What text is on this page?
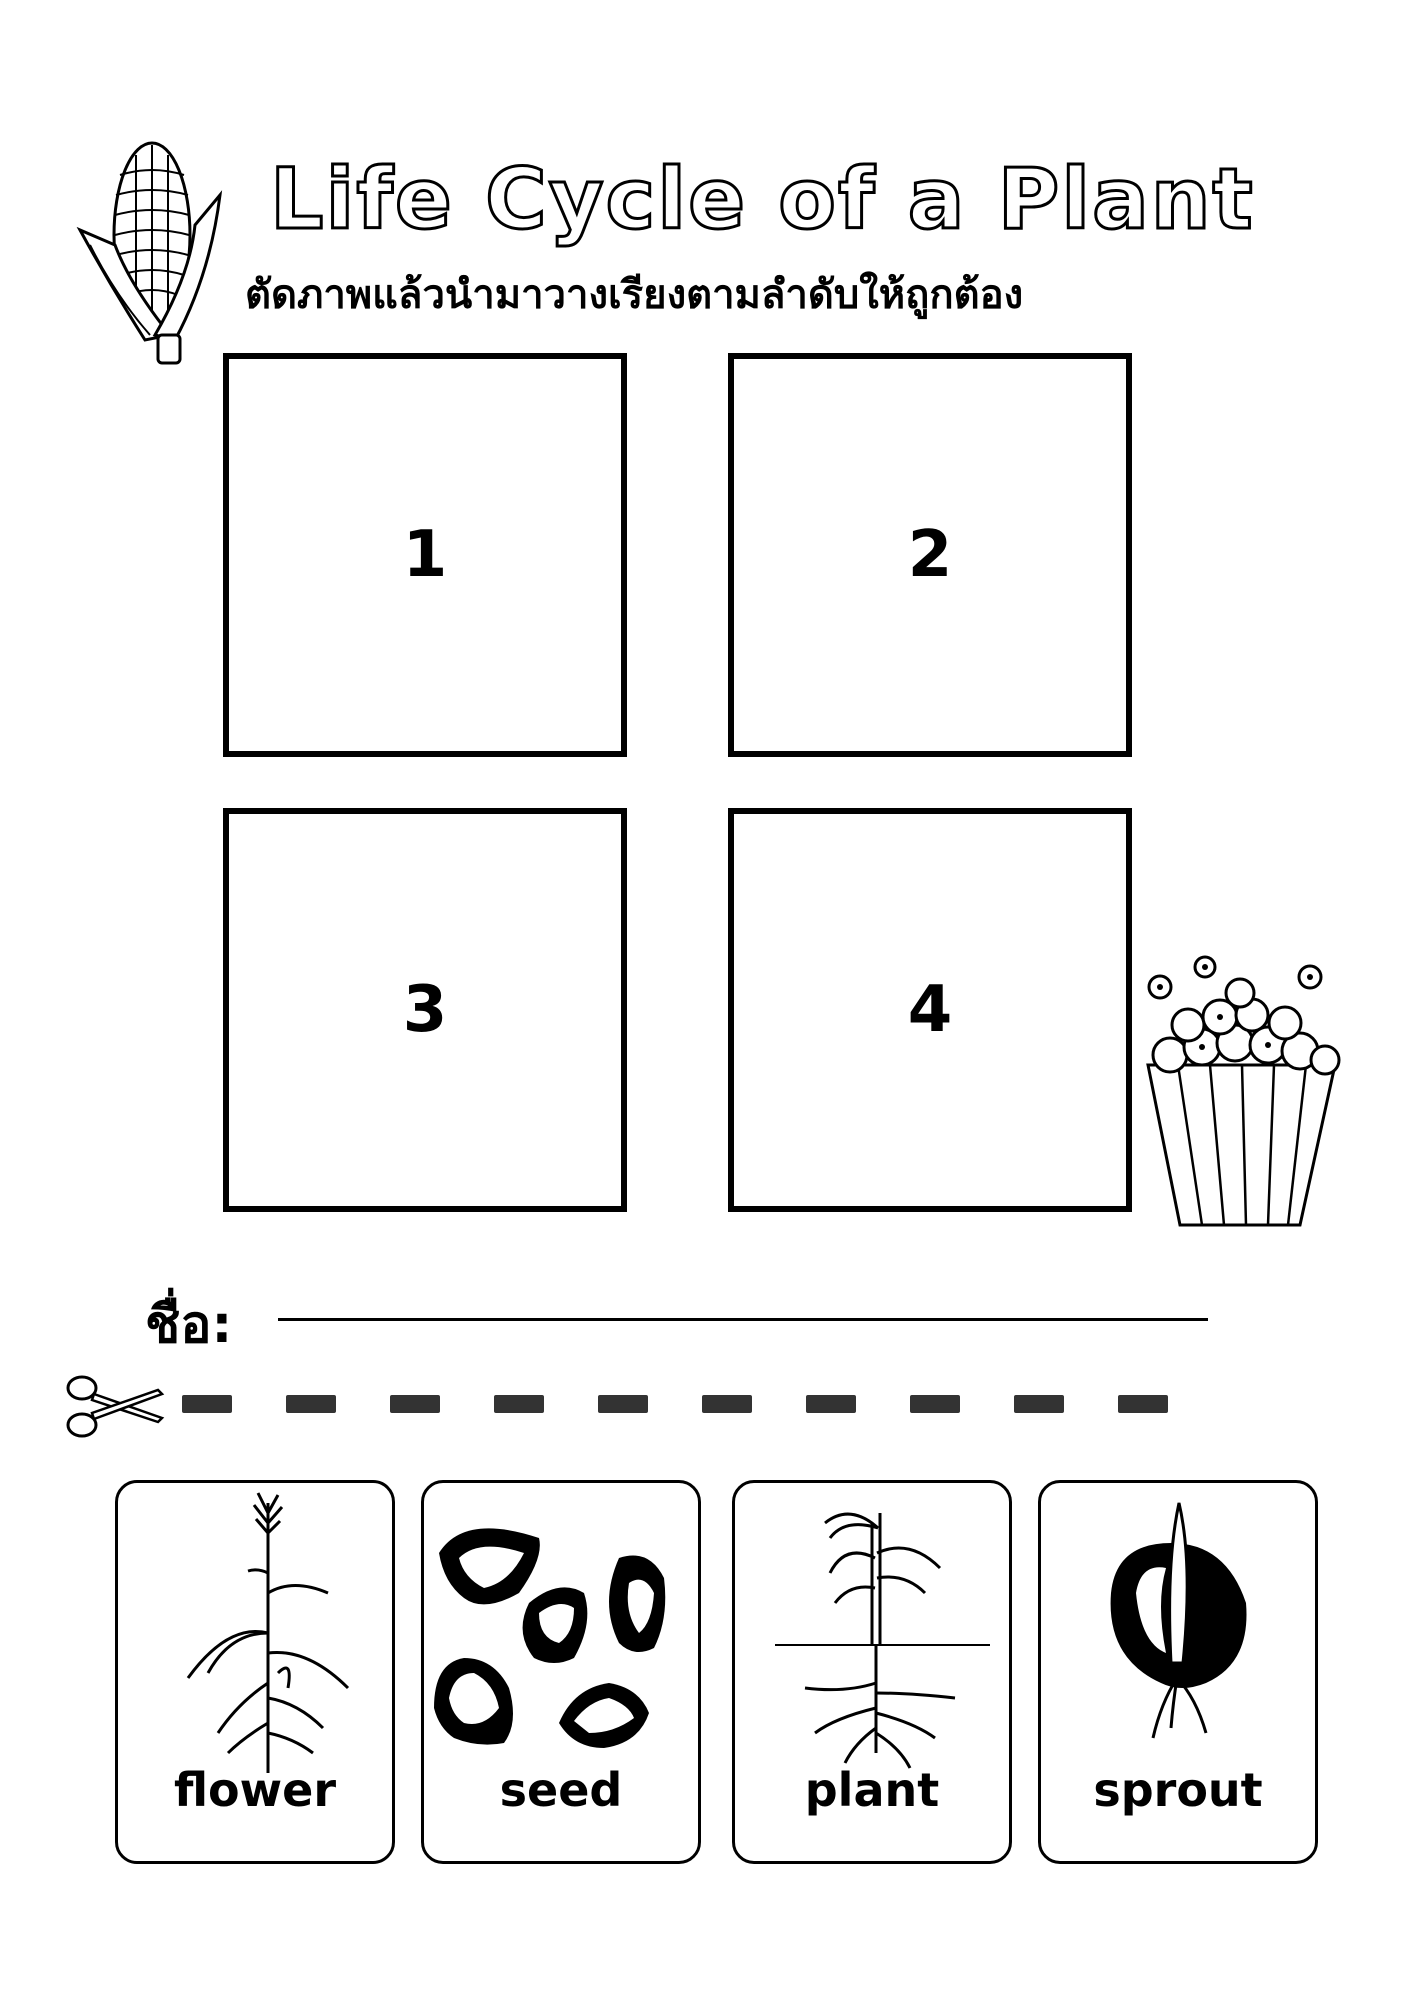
Life Cycle of a Plant
ตัดภาพแล้วนำมาวางเรียงตามลำดับให้ถูกต้อง
1	2
3	4
ชื่อ:
flower	seed	plant	sprout
